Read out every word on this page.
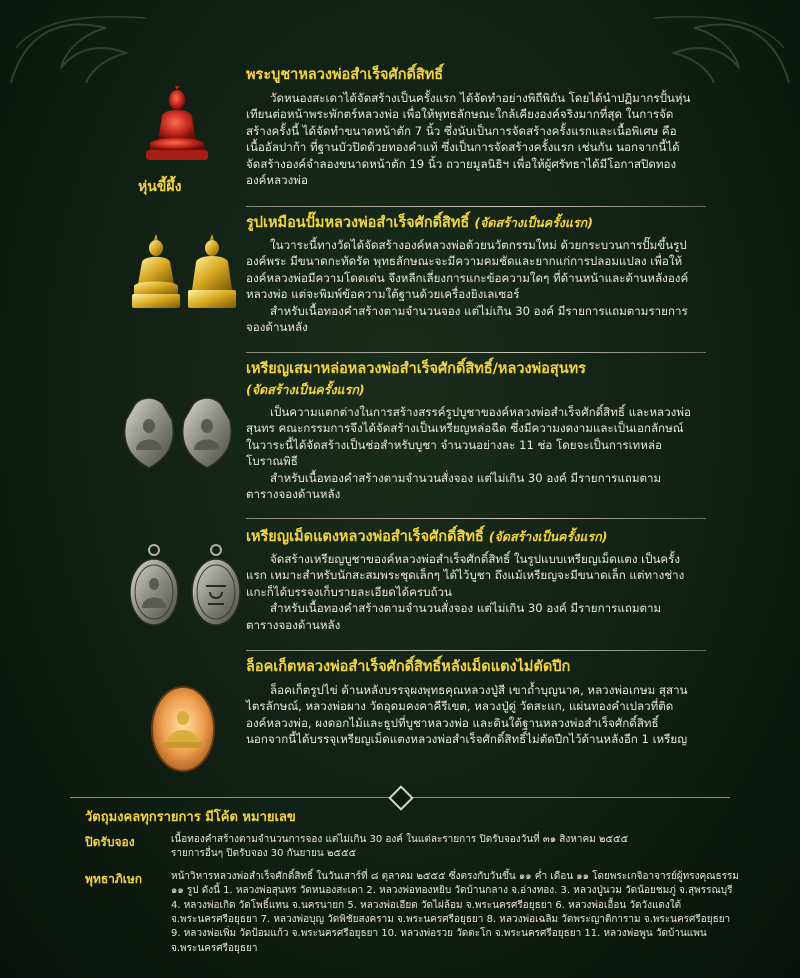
หุ่นขี้ผึ้ง
พระบูชาหลวงพ่อสำเร็จศักดิ์สิทธิ์

วัดหนองสะเดาได้จัดสร้างเป็นครั้งแรก ได้จัดทำอย่างพิถีพิถัน โดยได้นำปฏิมากรปั้นหุ่นเทียนต่อหน้าพระพักตร์หลวงพ่อ เพื่อให้พุทธลักษณะใกล้เคียงองค์จริงมากที่สุด ในการจัดสร้างครั้งนี้ ได้จัดทำขนาดหน้าตัก 7 นิ้ว ซึ่งนับเป็นการจัดสร้างครั้งแรกและเนื้อพิเศษ คือเนื้ออัลปาก้า ที่ฐานบัวปิดด้วยทองคำแท้ ซึ่งเป็นการจัดสร้างครั้งแรก เช่นกัน นอกจากนี้ได้จัดสร้างองค์จำลองขนาดหน้าตัก 19 นิ้ว ถวายมูลนิธิฯ เพื่อให้ผู้ศรัทธาได้มีโอกาสปิดทององค์หลวงพ่อ

รูปเหมือนปั๊มหลวงพ่อสำเร็จศักดิ์สิทธิ์ (จัดสร้างเป็นครั้งแรก)

ในวาระนี้ทางวัดได้จัดสร้างองค์หลวงพ่อด้วยนวัตกรรมใหม่ ด้วยกระบวนการปั๊มขึ้นรูปองค์พระ มีขนาดกะทัดรัด พุทธลักษณะจะมีความคมชัดและยากแก่การปลอมแปลง เพื่อให้องค์หลวงพ่อมีความโดดเด่น จึงหลีกเลี่ยงการแกะข้อความใดๆ ที่ด้านหน้าและด้านหลังองค์หลวงพ่อ แต่จะพิมพ์ข้อความใต้ฐานด้วยเครื่องยิงเลเซอร์

สำหรับเนื้อทองคำสร้างตามจำนวนจอง แต่ไม่เกิน 30 องค์ มีรายการแถมตามรายการจองด้านหลัง

เหรียญเสมาหล่อหลวงพ่อสำเร็จศักดิ์สิทธิ์/หลวงพ่อสุนทร
(จัดสร้างเป็นครั้งแรก)

เป็นความแตกต่างในการสร้างสรรค์รูปบูชาของค์หลวงพ่อสำเร็จศักดิ์สิทธิ์ และหลวงพ่อสุนทร คณะกรรมการจึงได้จัดสร้างเป็นเหรียญหล่อฉีด ซึ่งมีความงดงามและเป็นเอกลักษณ์ ในวาระนี้ได้จัดสร้างเป็นช่อสำหรับบูชา จำนวนอย่างละ 11 ช่อ โดยจะเป็นการเทหล่อโบราณพิธี

สำหรับเนื้อทองคำสร้างตามจำนวนสั่งจอง แต่ไม่เกิน 30 องค์ มีรายการแถมตามตารางจองด้านหลัง

เหรียญเม็ดแตงหลวงพ่อสำเร็จศักดิ์สิทธิ์ (จัดสร้างเป็นครั้งแรก)

จัดสร้างเหรียญบูชาของค์หลวงพ่อสำเร็จศักดิ์สิทธิ์ ในรูปแบบเหรียญเม็ดแตง เป็นครั้งแรก เหมาะสำหรับนักสะสมพระชุดเล็กๆ ได้ไว้บูชา ถึงแม้เหรียญจะมีขนาดเล็ก แต่ทางช่างแกะก็ได้บรรจงเก็บรายละเอียดได้ครบถ้วน

สำหรับเนื้อทองคำสร้างตามจำนวนสั่งจอง แต่ไม่เกิน 30 องค์ มีรายการแถมตามตารางจองด้านหลัง

ล็อคเก็ตหลวงพ่อสำเร็จศักดิ์สิทธิ์หลังเม็ดแตงไม่ตัดปีก

ล็อคเก็ตรูปไข่ ด้านหลังบรรจุผงพุทธคุณหลวงปู่สี เขาถ้ำบุญนาค, หลวงพ่อเกษม สุสานไตรลักษณ์, หลวงพ่อผาง วัดอุดมคงคาคีรีเขต, หลวงปู่ดู่ วัดสะแก, แผ่นทองคำเปลวที่ติดองค์หลวงพ่อ, ผงดอกไม้และธูปที่บูชาหลวงพ่อ และดินใต้ฐานหลวงพ่อสำเร็จศักดิ์สิทธิ์ นอกจากนี้ได้บรรจุเหรียญเม็ดแตงหลวงพ่อสำเร็จศักดิ์สิทธิ์ไม่ตัดปีกไว้ด้านหลังอีก 1 เหรียญ

วัตถุมงคลทุกรายการ มีโค้ต หมายเลข
ปิดรับจอง	เนื้อทองคำสร้างตามจำนวนการจอง แต่ไม่เกิน 30 องค์ ในแต่ละรายการ ปิดรับจองวันที่ ๓๑ สิงหาคม ๒๕๕๕
รายการอื่นๆ ปิดรับจอง 30 กันยายน ๒๕๕๕
พุทธาภิเษก	หน้าวิหารหลวงพ่อสำเร็จศักดิ์สิทธิ์ ในวันเสาร์ที่ ๘ ตุลาคม ๒๕๕๕ ซึ่งตรงกับวันขึ้น ๑๑ ค่ำ เดือน ๑๑ โดยพระเกจิอาจารย์ผู้ทรงคุณธรรม ๑๑ รูป ดังนี้ 1. หลวงพ่อสุนทร วัดหนองสะเดา 2. หลวงพ่อทองหยิบ วัดบ้านกลาง จ.อ่างทอง. 3. หลวงปู่นวม วัดน้อยชมภู่ จ.สุพรรณบุรี 4. หลวงพ่อเกิด วัดโพธิ์แทน จ.นครนายก 5. หลวงพ่อเอียด วัดไผ่ล้อม จ.พระนครศรีอยุธยา 6. หลวงพ่อเอื้อน วัดวังแดงใต้ จ.พระนครศรีอยุธยา 7. หลวงพ่อบุญ วัดพิชัยสงคราม จ.พระนครศรีอยุธยา 8. หลวงพ่อเฉลิม วัดพระญาติการาม จ.พระนครศรีอยุธยา 9. หลวงพ่อเพิ่ม วัดป้อมแก้ว จ.พระนครศรีอยุธยา 10. หลวงพ่อรวย วัดตะโก จ.พระนครศรีอยุธยา 11. หลวงพ่อพูน วัดบ้านแพน จ.พระนครศรีอยุธยา
